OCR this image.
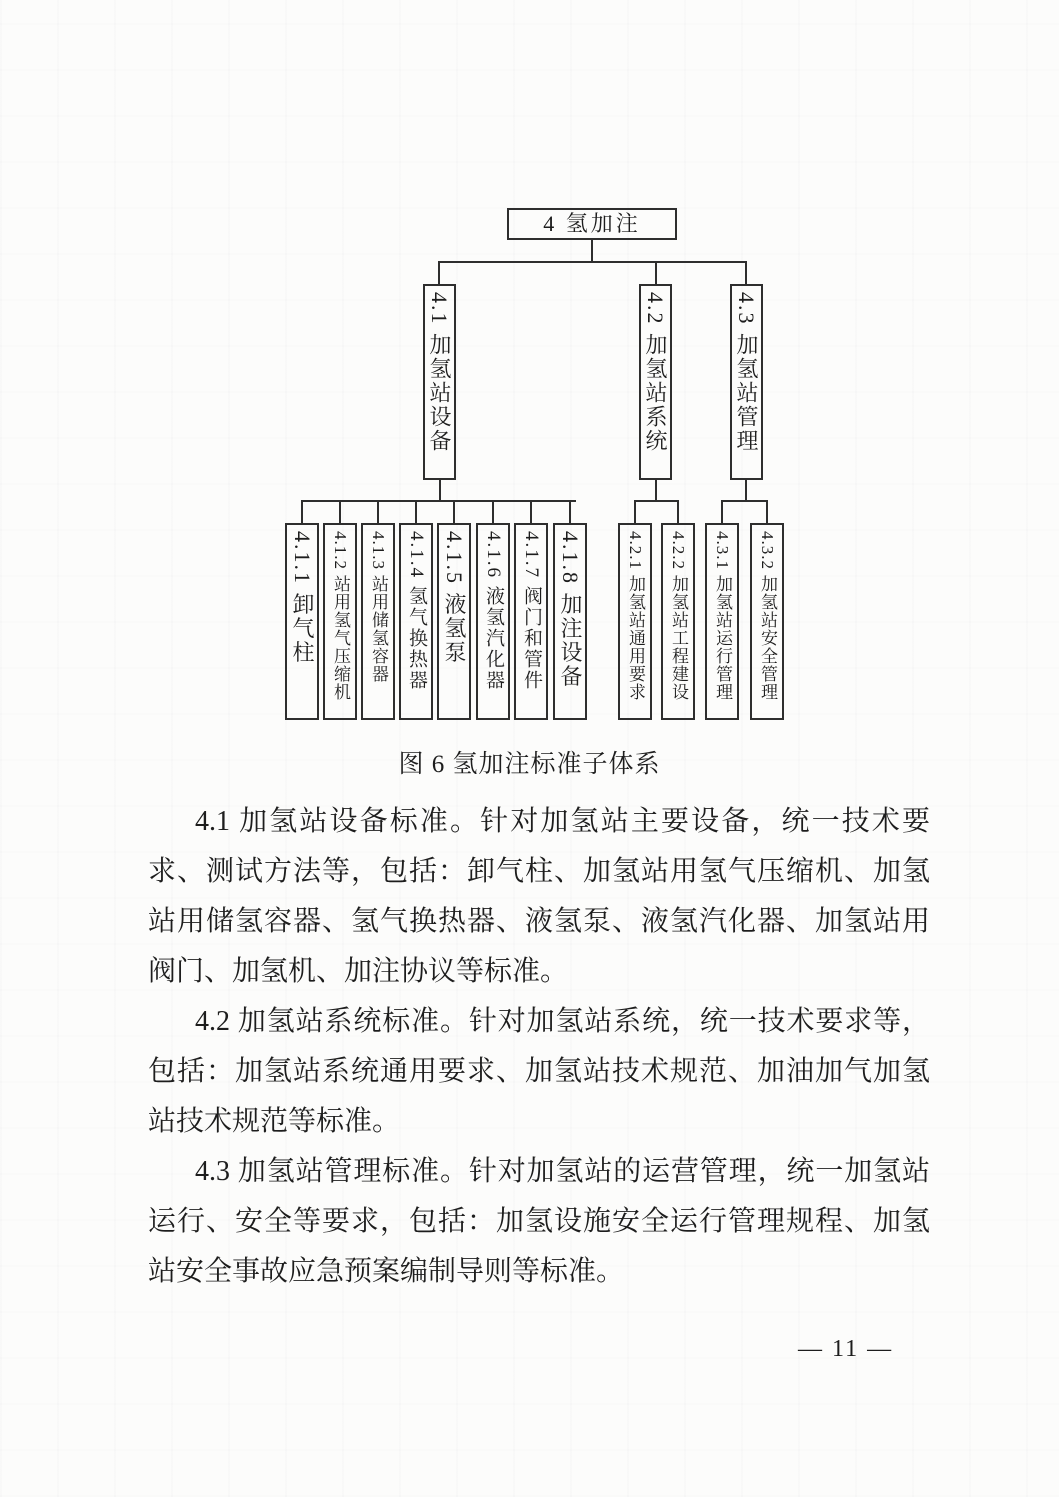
4 氢加注
4.1 加氢站设备	4.2 加氢站系统	4.3 加氢站管理
4.1.1 卸气柱 4.1.2 站用氢气压缩机	4.1.3 站用储氢容器 4.1.4 氢气换热器 4.1.5 液氢泵 4.1.6 液氢汽化器 4.1.7 阀门和管件 4.1.8 加注设备	4.2.1 加氢站通用要求	4.2.2 加氢站工程建设	4.3.1 加氢站运行管理	4.3.2 加氢站安全管理
图 6 氢加注标准子体系

4.1 加氢站设备标准。针对加氢站主要设备，统一技术要求、测试方法等，包括：卸气柱、加氢站用氢气压缩机、加氢站用储氢容器、氢气换热器、液氢泵、液氢汽化器、加氢站用阀门、加氢机、加注协议等标准。

4.2 加氢站系统标准。针对加氢站系统，统一技术要求等，包括：加氢站系统通用要求、加氢站技术规范、加油加气加氢站技术规范等标准。

4.3 加氢站管理标准。针对加氢站的运营管理，统一加氢站运行、安全等要求，包括：加氢设施安全运行管理规程、加氢站安全事故应急预案编制导则等标准。

— 11 —
